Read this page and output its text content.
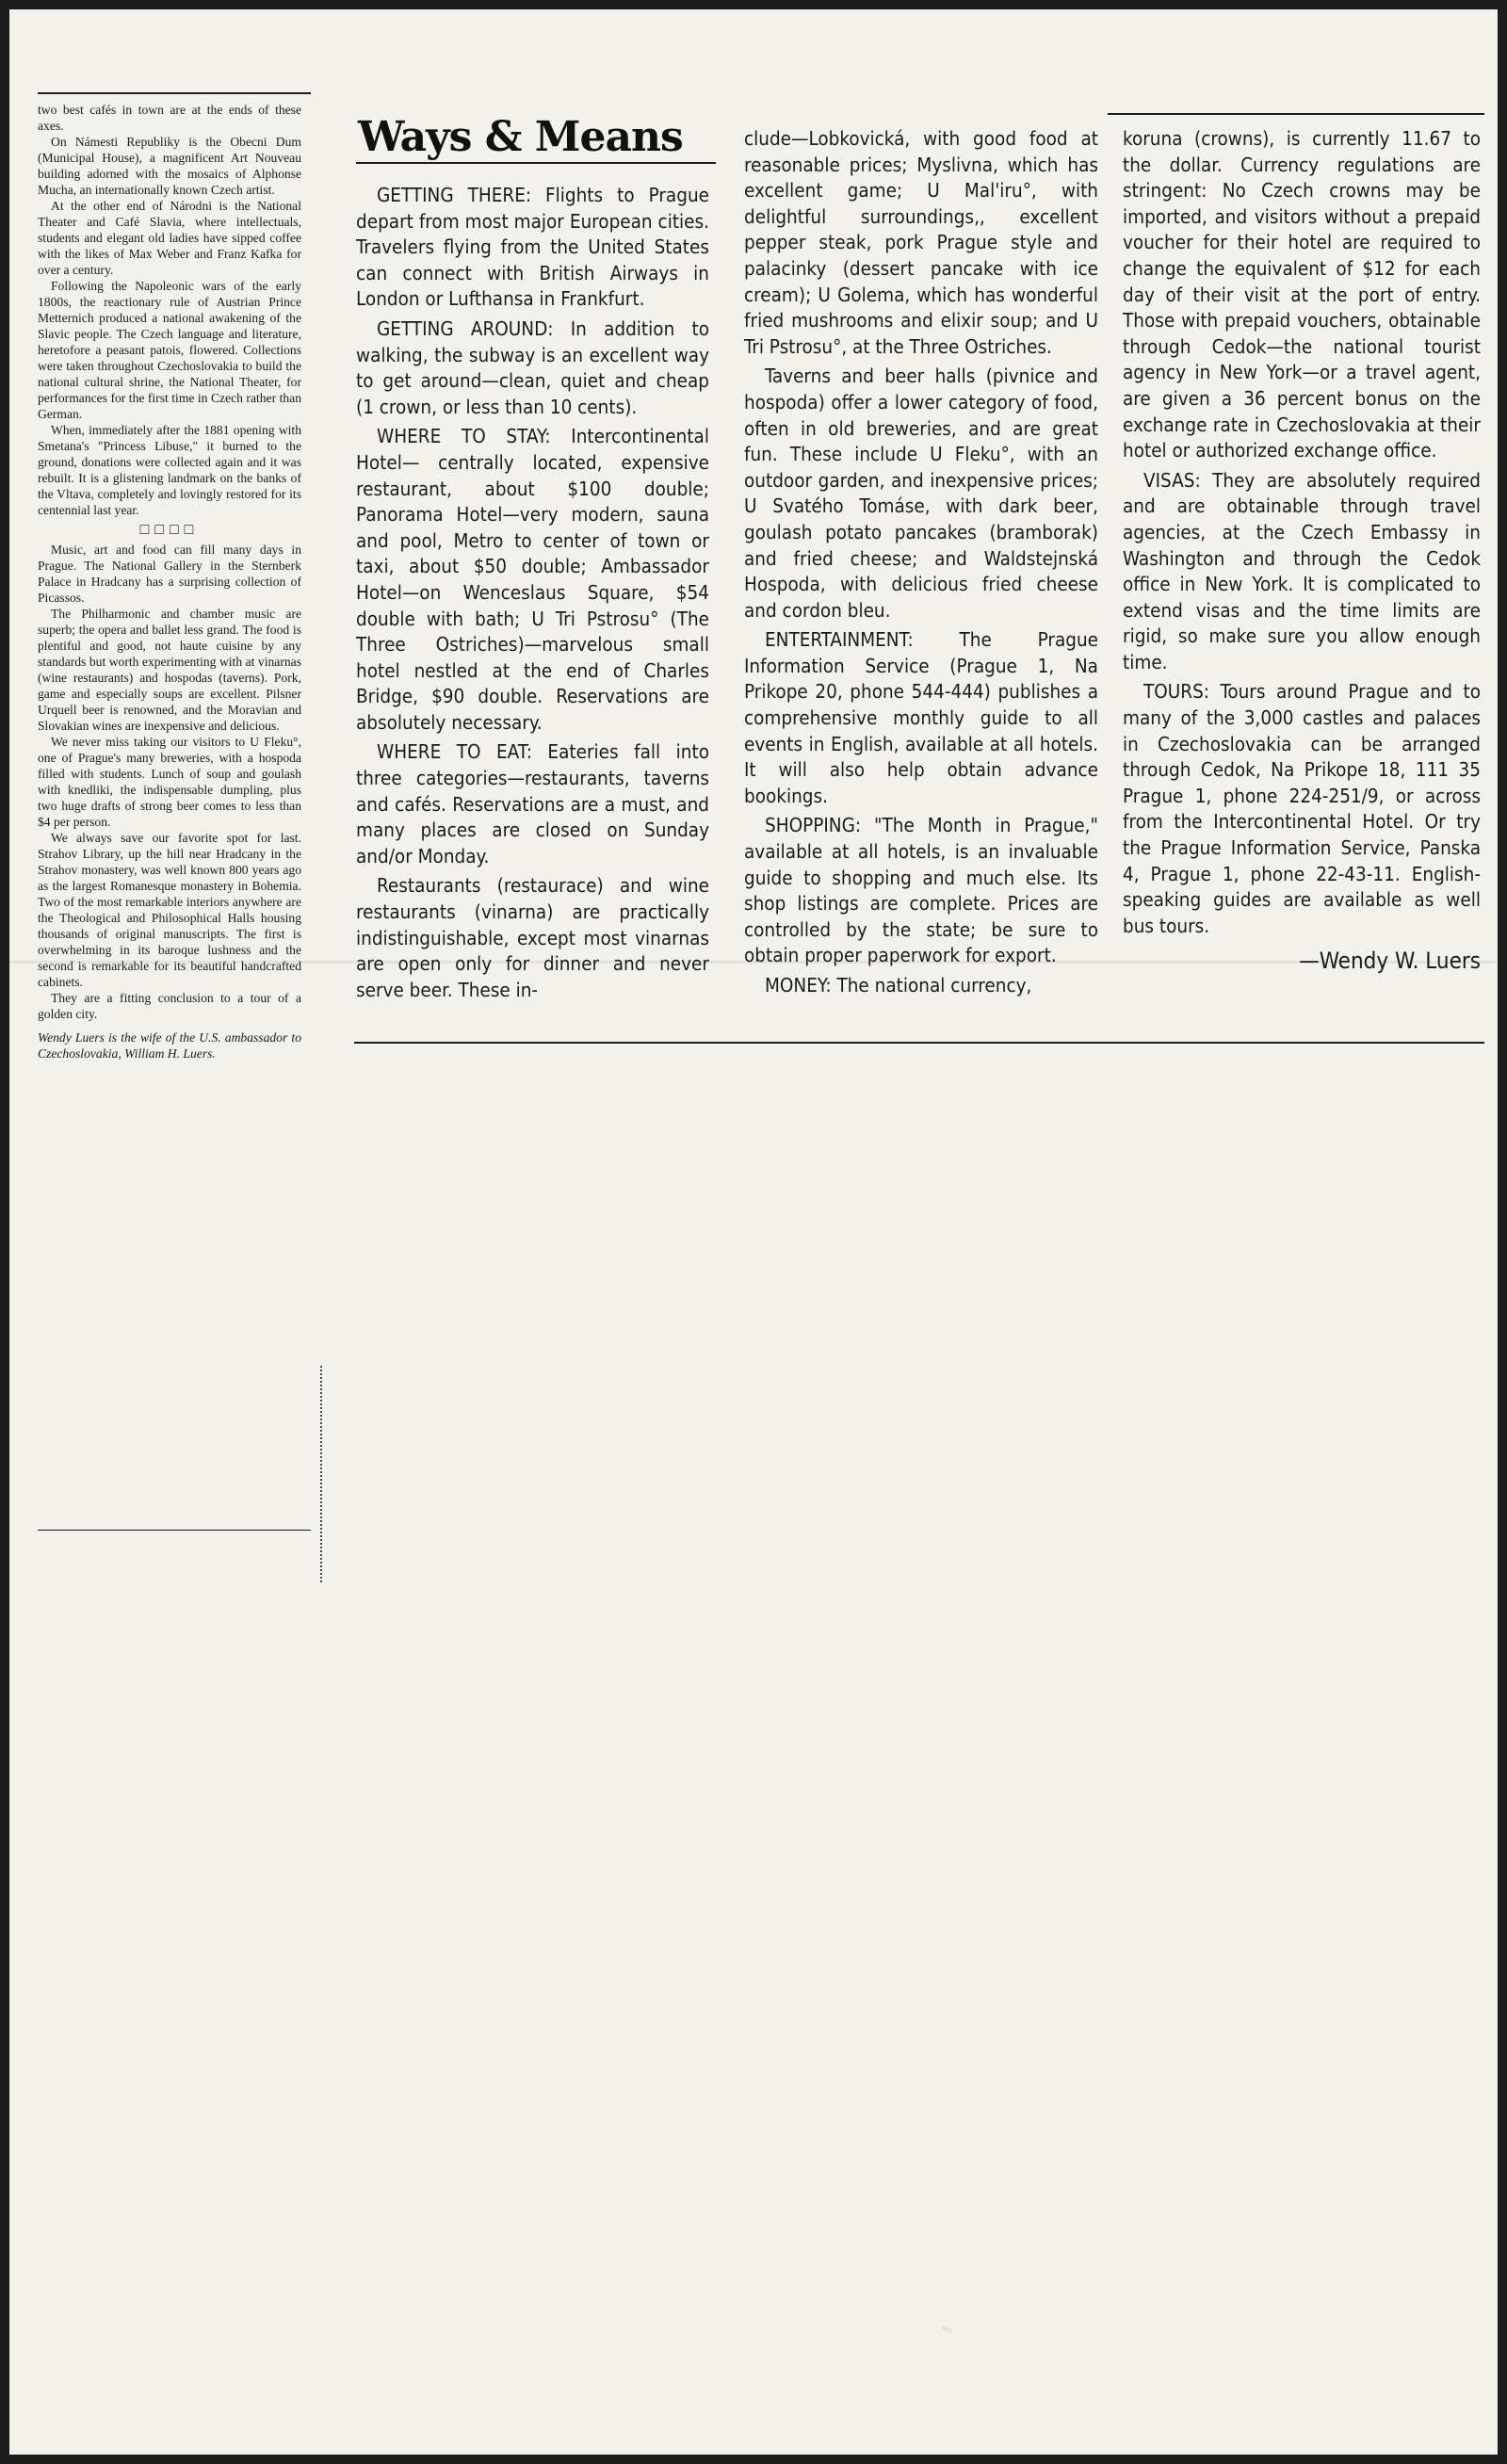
two best cafés in town are at the ends of these axes.

On Námesti Republiky is the Obecni Dum (Municipal House), a magnificent Art Nouveau building adorned with the mosaics of Alphonse Mucha, an internationally known Czech artist.

At the other end of Národni is the National Theater and Café Slavia, where intellectuals, students and elegant old ladies have sipped coffee with the likes of Max Weber and Franz Kafka for over a century.

Following the Napoleonic wars of the early 1800s, the reactionary rule of Austrian Prince Metternich produced a national awakening of the Slavic people. The Czech language and literature, heretofore a peasant patois, flowered. Collections were taken throughout Czechoslovakia to build the national cultural shrine, the National Theater, for performances for the first time in Czech rather than German.

When, immediately after the 1881 opening with Smetana's "Princess Libuse," it burned to the ground, donations were collected again and it was rebuilt. It is a glistening landmark on the banks of the Vltava, completely and lovingly restored for its centennial last year.

□□□□

Music, art and food can fill many days in Prague. The National Gallery in the Sternberk Palace in Hradcany has a surprising collection of Picassos.

The Philharmonic and chamber music are superb; the opera and ballet less grand. The food is plentiful and good, not haute cuisine by any standards but worth experimenting with at vinarnas (wine restaurants) and hospodas (taverns). Pork, game and especially soups are excellent. Pilsner Urquell beer is renowned, and the Moravian and Slovakian wines are inexpensive and delicious.

We never miss taking our visitors to U Fleku°, one of Prague's many breweries, with a hospoda filled with students. Lunch of soup and goulash with knedliki, the indispensable dumpling, plus two huge drafts of strong beer comes to less than $4 per person.

We always save our favorite spot for last. Strahov Library, up the hill near Hradcany in the Strahov monastery, was well known 800 years ago as the largest Romanesque monastery in Bohemia. Two of the most remarkable interiors anywhere are the Theological and Philosophical Halls housing thousands of original manuscripts. The first is overwhelming in its baroque lushness and the second is remarkable for its beautiful handcrafted cabinets.

They are a fitting conclusion to a tour of a golden city.

Wendy Luers is the wife of the U.S. ambassador to Czechoslovakia, William H. Luers.

Ways & Means

GETTING THERE: Flights to Prague depart from most major European cities. Travelers flying from the United States can connect with British Airways in London or Lufthansa in Frankfurt.

GETTING AROUND: In addition to walking, the subway is an excellent way to get around—clean, quiet and cheap (1 crown, or less than 10 cents).

WHERE TO STAY: Intercontinental Hotel— centrally located, expensive restaurant, about $100 double; Panorama Hotel—very modern, sauna and pool, Metro to center of town or taxi, about $50 double; Ambassador Hotel—on Wenceslaus Square, $54 double with bath; U Tri Pstrosu° (The Three Ostriches)—marvelous small hotel nestled at the end of Charles Bridge, $90 double. Reservations are absolutely necessary.

WHERE TO EAT: Eateries fall into three categories—restaurants, taverns and cafés. Reservations are a must, and many places are closed on Sunday and/or Monday.

Restaurants (restaurace) and wine restaurants (vinarna) are practically indistinguishable, except most vinarnas are open only for dinner and never serve beer. These in-

clude—Lobkovická, with good food at reasonable prices; Myslivna, which has excellent game; U Mal'iru°, with delightful surroundings,, excellent pepper steak, pork Prague style and palacinky (dessert pancake with ice cream); U Golema, which has wonderful fried mushrooms and elixir soup; and U Tri Pstrosu°, at the Three Ostriches.

Taverns and beer halls (pivnice and hospoda) offer a lower category of food, often in old breweries, and are great fun. These include U Fleku°, with an outdoor garden, and inexpensive prices; U Svatého Tomáse, with dark beer, goulash potato pancakes (bramborak) and fried cheese; and Waldstejnská Hospoda, with delicious fried cheese and cordon bleu.

ENTERTAINMENT: The Prague Information Service (Prague 1, Na Prikope 20, phone 544-444) publishes a comprehensive monthly guide to all events in English, available at all hotels. It will also help obtain advance bookings.

SHOPPING: "The Month in Prague," available at all hotels, is an invaluable guide to shopping and much else. Its shop listings are complete. Prices are controlled by the state; be sure to obtain proper paperwork for export.

MONEY: The national currency,

koruna (crowns), is currently 11.67 to the dollar. Currency regulations are stringent: No Czech crowns may be imported, and visitors without a prepaid voucher for their hotel are required to change the equivalent of $12 for each day of their visit at the port of entry. Those with prepaid vouchers, obtainable through Cedok—the national tourist agency in New York—or a travel agent, are given a 36 percent bonus on the exchange rate in Czechoslovakia at their hotel or authorized exchange office.

VISAS: They are absolutely required and are obtainable through travel agencies, at the Czech Embassy in Washington and through the Cedok office in New York. It is complicated to extend visas and the time limits are rigid, so make sure you allow enough time.

TOURS: Tours around Prague and to many of the 3,000 castles and palaces in Czechoslovakia can be arranged through Cedok, Na Prikope 18, 111 35 Prague 1, phone 224-251/9, or across from the Intercontinental Hotel. Or try the Prague Information Service, Panska 4, Prague 1, phone 22-43-11. English-speaking guides are available as well bus tours.

—Wendy W. Luers
✎
